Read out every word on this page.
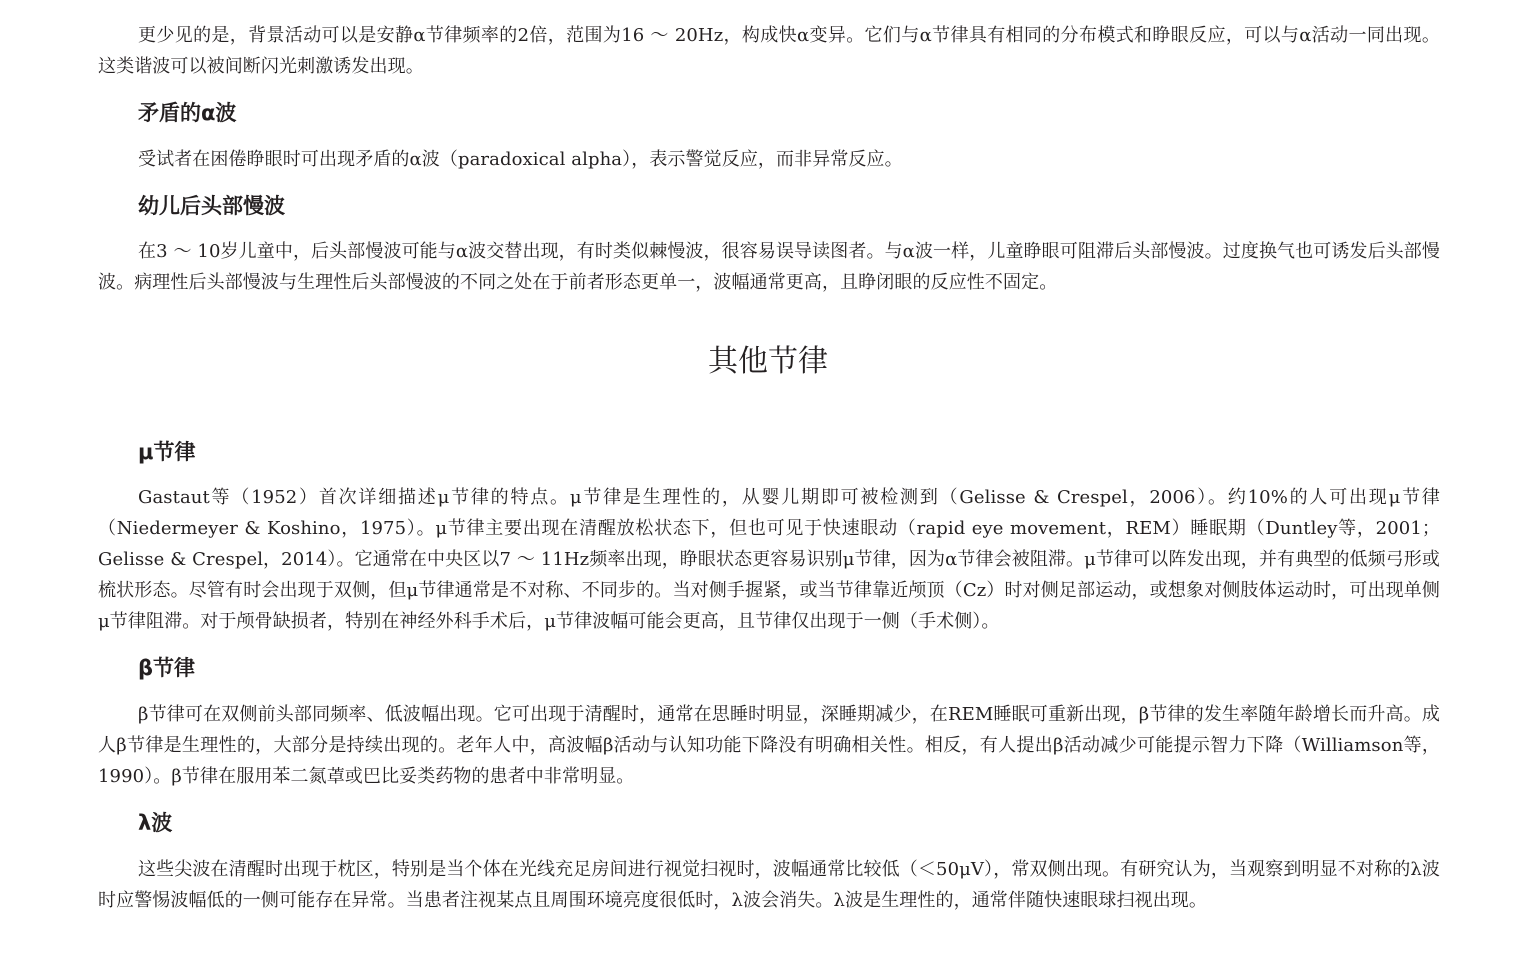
更少见的是，背景活动可以是安静α节律频率的2倍，范围为16 ～ 20Hz，构成快α变异。它们与α节律具有相同的分布模式和睁眼反应，可以与α活动一同出现。这类谐波可以被间断闪光刺激诱发出现。

矛盾的α波

受试者在困倦睁眼时可出现矛盾的α波（paradoxical alpha），表示警觉反应，而非异常反应。

幼儿后头部慢波

在3 ～ 10岁儿童中，后头部慢波可能与α波交替出现，有时类似棘慢波，很容易误导读图者。与α波一样，儿童睁眼可阻滞后头部慢波。过度换气也可诱发后头部慢波。病理性后头部慢波与生理性后头部慢波的不同之处在于前者形态更单一，波幅通常更高，且睁闭眼的反应性不固定。

其他节律
μ节律

Gastaut等（1952）首次详细描述μ节律的特点。μ节律是生理性的，从婴儿期即可被检测到（Gelisse & Crespel，2006）。约10%的人可出现μ节律（Niedermeyer & Koshino，1975）。μ节律主要出现在清醒放松状态下，但也可见于快速眼动（rapid eye movement，REM）睡眠期（Duntley等，2001；Gelisse & Crespel，2014）。它通常在中央区以7 ～ 11Hz频率出现，睁眼状态更容易识别μ节律，因为α节律会被阻滞。μ节律可以阵发出现，并有典型的低频弓形或梳状形态。尽管有时会出现于双侧，但μ节律通常是不对称、不同步的。当对侧手握紧，或当节律靠近颅顶（Cz）时对侧足部运动，或想象对侧肢体运动时，可出现单侧μ节律阻滞。对于颅骨缺损者，特别在神经外科手术后，μ节律波幅可能会更高，且节律仅出现于一侧（手术侧）。

β节律

β节律可在双侧前头部同频率、低波幅出现。它可出现于清醒时，通常在思睡时明显，深睡期减少，在REM睡眠可重新出现，β节律的发生率随年龄增长而升高。成人β节律是生理性的，大部分是持续出现的。老年人中，高波幅β活动与认知功能下降没有明确相关性。相反，有人提出β活动减少可能提示智力下降（Williamson等，1990）。β节律在服用苯二氮䓬或巴比妥类药物的患者中非常明显。

λ波

这些尖波在清醒时出现于枕区，特别是当个体在光线充足房间进行视觉扫视时，波幅通常比较低（＜50μV），常双侧出现。有研究认为，当观察到明显不对称的λ波时应警惕波幅低的一侧可能存在异常。当患者注视某点且周围环境亮度很低时，λ波会消失。λ波是生理性的，通常伴随快速眼球扫视出现。
